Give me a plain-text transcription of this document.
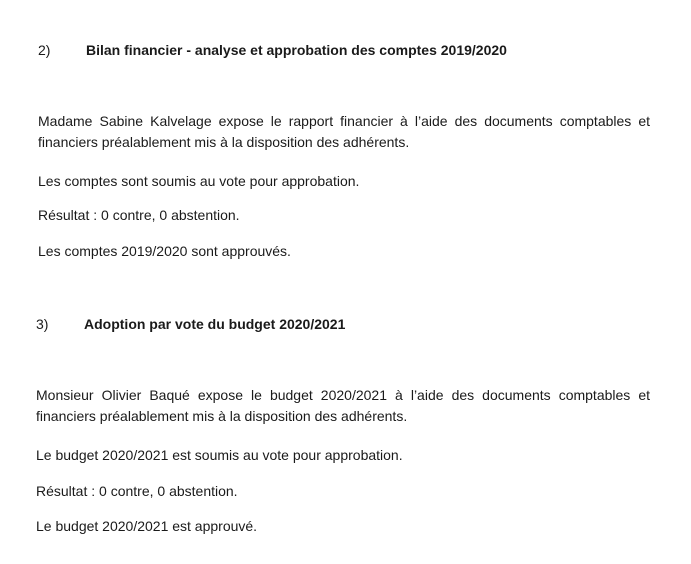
2)	Bilan financier - analyse et approbation des comptes 2019/2020
Madame Sabine Kalvelage expose le rapport financier à l’aide des documents comptables et financiers préalablement mis à la disposition des adhérents.
Les comptes sont soumis au vote pour approbation.
Résultat : 0 contre, 0 abstention.
Les comptes 2019/2020 sont approuvés.
3)	Adoption par vote du budget 2020/2021
Monsieur Olivier Baqué expose le budget 2020/2021 à l’aide des documents comptables et financiers préalablement mis à la disposition des adhérents.
Le budget 2020/2021 est soumis au vote pour approbation.
Résultat : 0 contre, 0 abstention.
Le budget 2020/2021 est approuvé.
